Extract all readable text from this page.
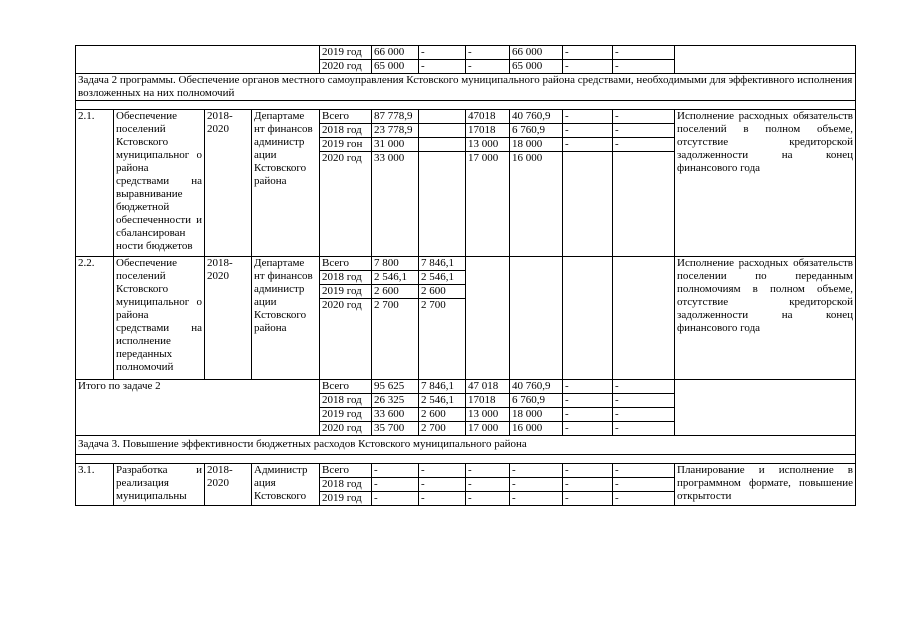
				2019 год	66 000	-	-	66 000	-	-	
				2020 год	65 000	-	-	65 000	-	-	
Задача 2 программы. Обеспечение органов местного самоуправления Кстовского муниципального района средствами, необходимыми для эффективного исполнения возложенных на них полномочий											

2.1.	Обеспечение поселений Кстовского муниципальног о района средствами на выравнивание бюджетной обеспеченности и сбалансирован ности бюджетов	2018-2020	Департаме нт финансов администр ации Кстовского района	Всего	87 778,9		47018	40 760,9	-	-	Исполнение расходных обязательств поселений в полном объеме, отсутствие кредиторской задолженности на конец финансового года
				2018 год	23 778,9		17018	6 760,9	-	-	
				2019 гон	31 000		13 000	18 000	-	-	
				2020 год	33 000		17 000	16 000			
2.2.	Обеспечение поселений Кстовского муниципальног о района средствами на исполнение переданных полномочий	2018-2020	Департаме нт финансов администр ации Кстовского района	Всего	7 800	7 846,1					Исполнение расходных обязательств поселении по переданным полномочиям в полном объеме, отсутствие кредиторской задолженности на конец финансового года
				2018 год	2 546,1	2 546,1					
				2019 год	2 600	2 600					
				2020 год	2 700	2 700					
Итого по задаче 2				Всего	95 625	7 846,1	47 018	40 760,9	-	-	
				2018 год	26 325	2 546,1	17018	6 760,9	-	-	
				2019 год	33 600	2 600	13 000	18 000	-	-	
				2020 год	35 700	2 700	17 000	16 000	-	-	
Задача 3. Повышение эффективности бюджетных расходов Кстовского муниципального района											

3.1.	Разработка и реализация муниципальны	2018-2020	Администр ация Кстовского	Всего	-	-	-	-	-	-	Планирование и исполнение в программном формате, повышение открытости
				2018 год	-	-	-	-	-	-	
				2019 год	-	-	-	-	-	-	
